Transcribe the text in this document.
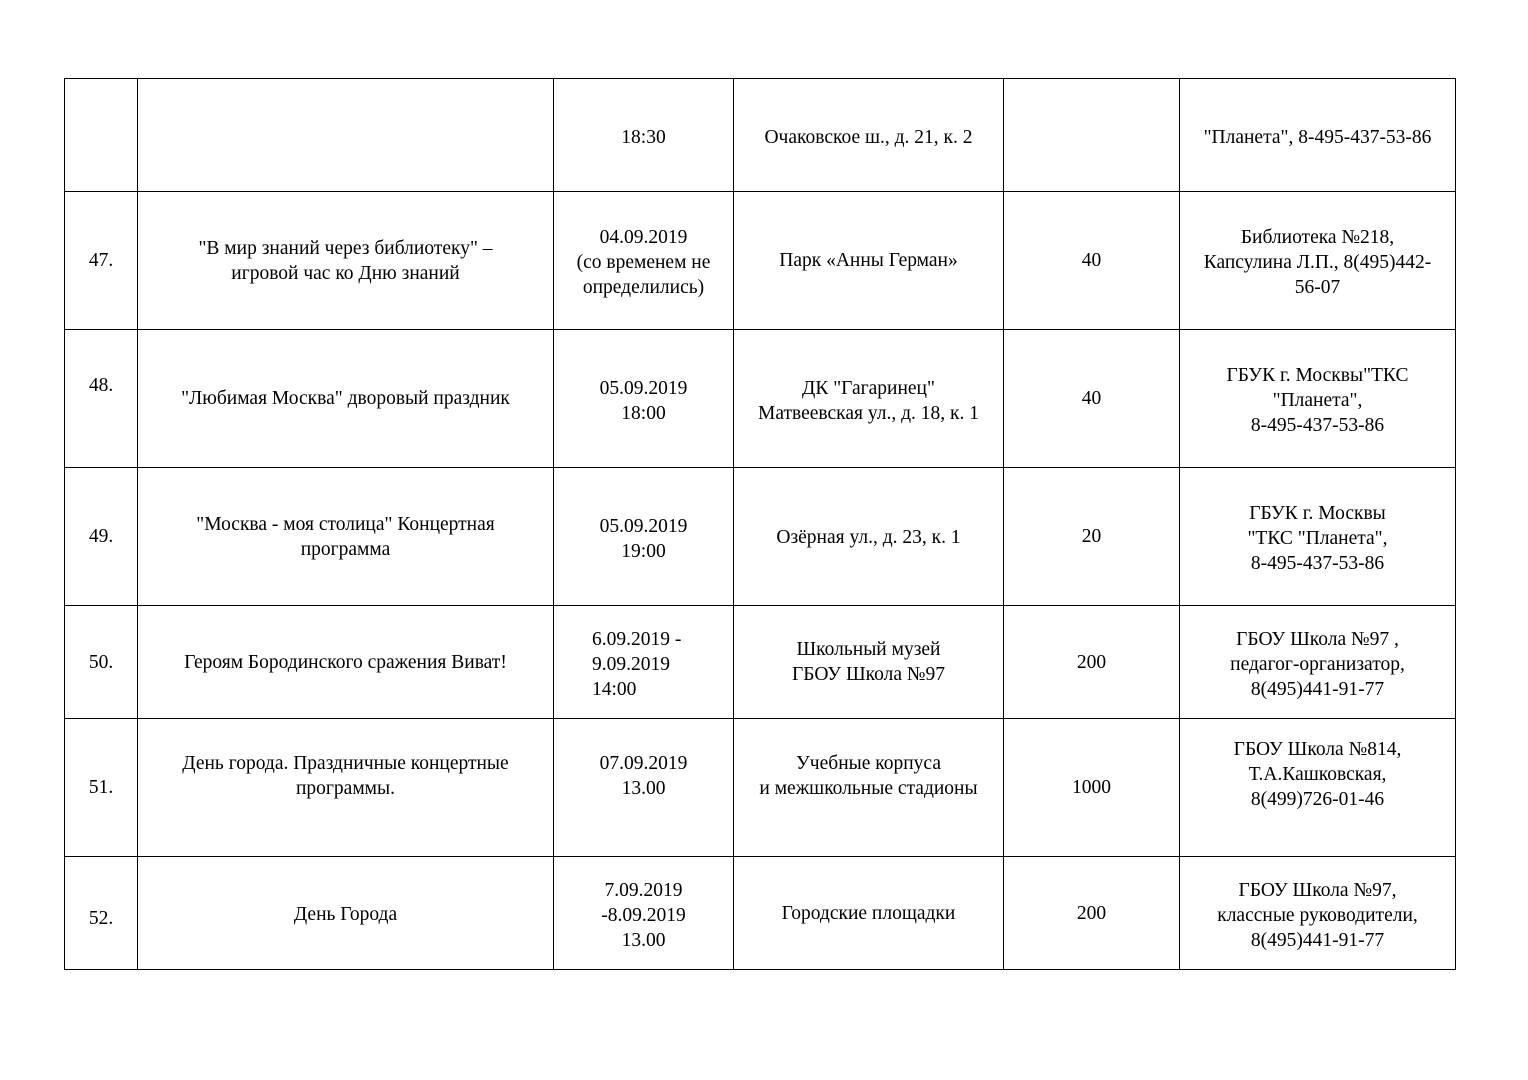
		18:30	Очаковское ш., д. 21, к. 2		"Планета", 8-495-437-53-86

47.	"В мир знаний через библиотеку" –
игровой час ко Дню знаний	04.09.2019
(со временем не
определились)	Парк «Анны Герман»	40	Библиотека №218,
Капсулина Л.П., 8(495)442-
56-07

48.	"Любимая Москва" дворовый праздник	05.09.2019
18:00	ДК "Гагаринец"
Матвеевская ул., д. 18, к. 1	40	ГБУК г. Москвы"ТКС
"Планета",
8-495-437-53-86

49.	"Москва - моя столица" Концертная
программа	05.09.2019
19:00	Озёрная ул., д. 23, к. 1	20	ГБУК г. Москвы
"ТКС "Планета",
8-495-437-53-86

50.	Героям Бородинского сражения Виват!	6.09.2019 -
9.09.2019
14:00	Школьный музей
ГБОУ Школа №97	200	ГБОУ Школа №97 ,
педагог-организатор,
8(495)441-91-77

51.	День города. Праздничные концертные
программы.	07.09.2019
13.00	Учебные корпуса
и межшкольные стадионы	1000	ГБОУ Школа №814,
Т.А.Кашковская,
8(499)726-01-46

52.	День Города	7.09.2019
-8.09.2019
13.00	Городские площадки	200	ГБОУ Школа №97,
классные руководители,
8(495)441-91-77
